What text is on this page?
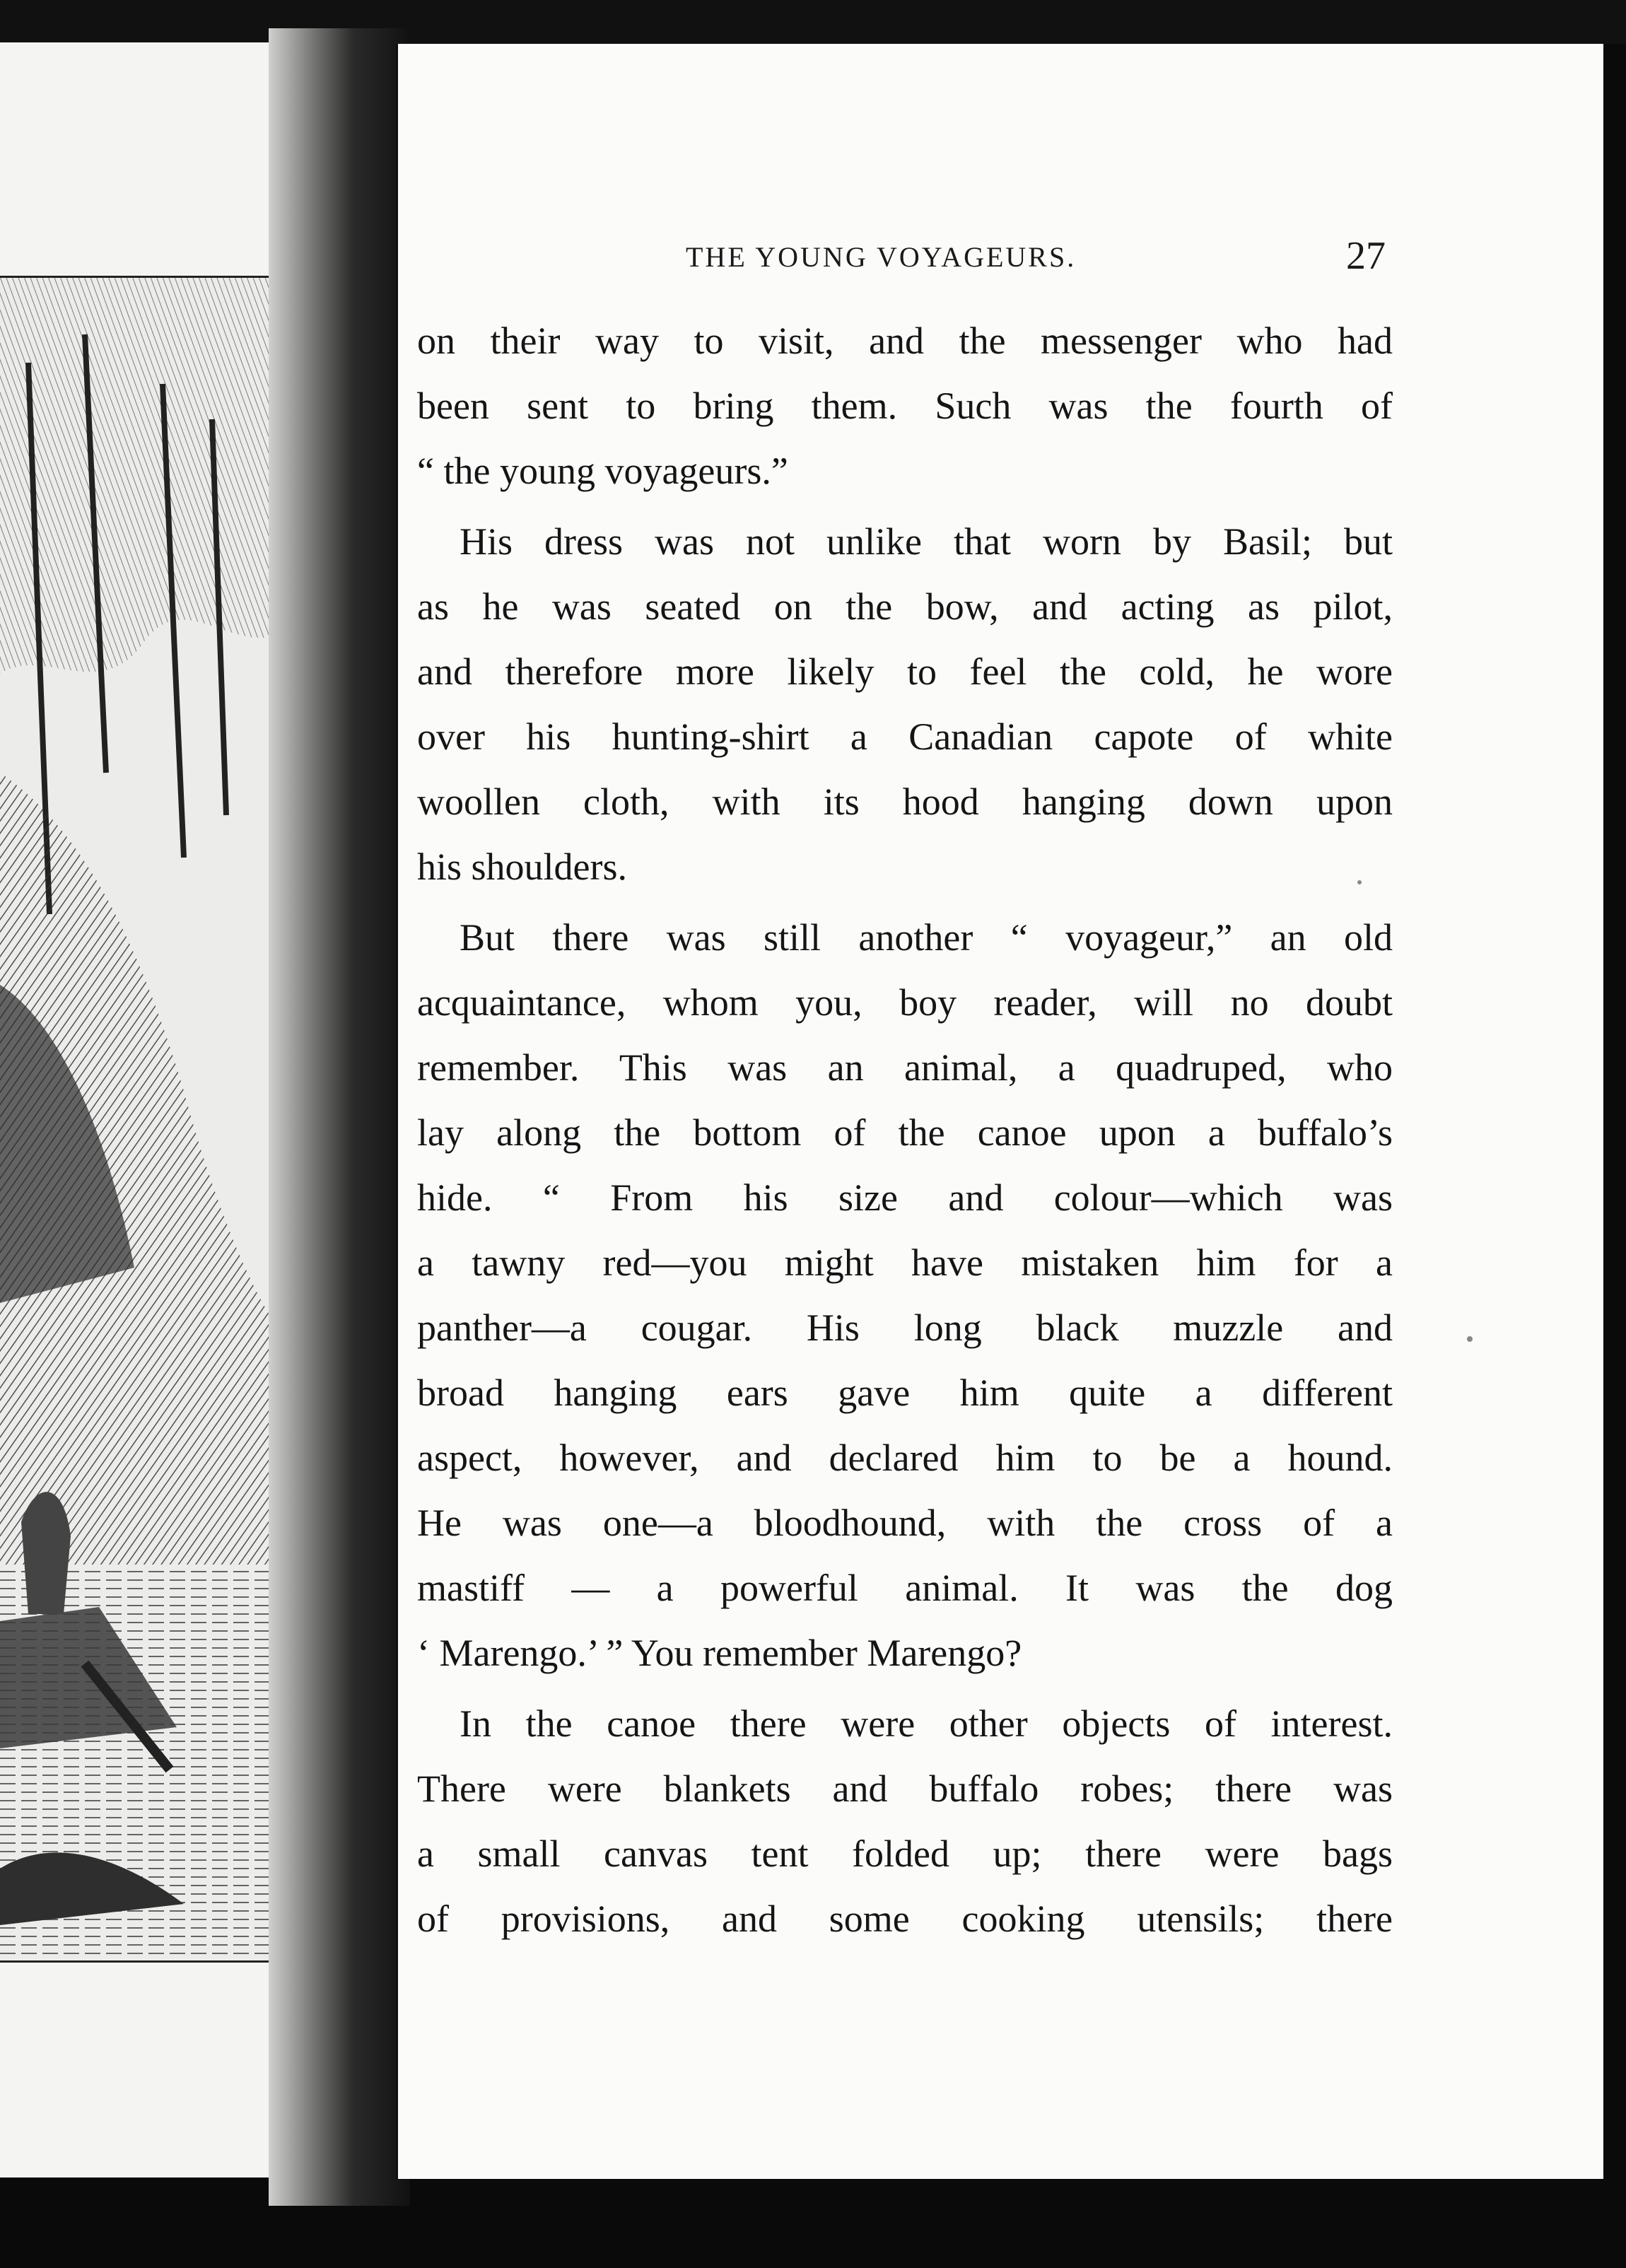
THE YOUNG VOYAGEURS.	27
on their way to visit, and the messenger who had
been sent to bring them. Such was the fourth of
“ the young voyageurs.”
His dress was not unlike that worn by Basil; but
as he was seated on the bow, and acting as pilot,
and therefore more likely to feel the cold, he wore
over his hunting-shirt a Canadian capote of white
woollen cloth, with its hood hanging down upon
his shoulders.
But there was still another “ voyageur,” an old
acquaintance, whom you, boy reader, will no doubt
remember. This was an animal, a quadruped, who
lay along the bottom of the canoe upon a buffalo’s
hide. “ From his size and colour—which was
a tawny red—you might have mistaken him for a
panther—a cougar. His long black muzzle and
broad hanging ears gave him quite a different
aspect, however, and declared him to be a hound.
He was one—a bloodhound, with the cross of a
mastiff — a powerful animal. It was the dog
‘ Marengo.’ ” You remember Marengo?
In the canoe there were other objects of interest.
There were blankets and buffalo robes; there was
a small canvas tent folded up; there were bags
of provisions, and some cooking utensils; there
